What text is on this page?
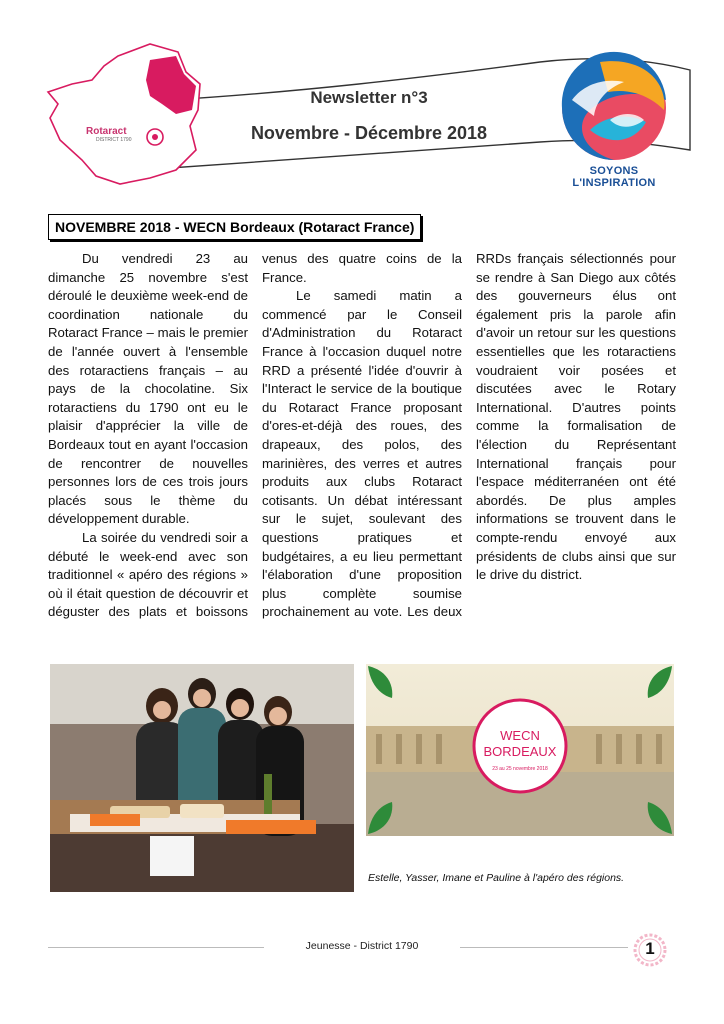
Rotaract
DISTRICT 1790
Newsletter n°3
Novembre - Décembre 2018
SOYONS L'INSPIRATION
NOVEMBRE 2018 - WECN Bordeaux (Rotaract France)

Du vendredi 23 au dimanche 25 novembre s'est déroulé le deuxième week-end de coordination nationale du Rotaract France – mais le premier de l'année ouvert à l'ensemble des rotaractiens français – au pays de la chocolatine. Six rotaractiens du 1790 ont eu le plaisir d'apprécier la ville de Bordeaux tout en ayant l'occasion de rencontrer de nouvelles personnes lors de ces trois jours placés sous le thème du développement durable.

La soirée du vendredi soir a débuté le week-end avec son traditionnel « apéro des régions » où il était question de découvrir et déguster des plats et boissons venus des quatre coins de la France.

Le samedi matin a commencé par le Conseil d'Administration du Rotaract France à l'occasion duquel notre RRD a présenté l'idée d'ouvrir à l'Interact le service de la boutique du Rotaract France proposant d'ores-et-déjà des roues, des drapeaux, des polos, des marinières, des verres et autres produits aux clubs Rotaract cotisants. Un débat intéressant sur le sujet, soulevant des questions pratiques et budgétaires, a eu lieu permettant l'élaboration d'une proposition plus complète soumise prochainement au vote. Les deux RRDs français sélectionnés pour se rendre à San Diego aux côtés des gouverneurs élus ont également pris la parole afin d'avoir un retour sur les questions essentielles que les rotaractiens voudraient voir posées et discutées avec le Rotary International. D'autres points comme la formalisation de l'élection du Représentant International français pour l'espace méditerranéen ont été abordés. De plus amples informations se trouvent dans le compte-rendu envoyé aux présidents de clubs ainsi que sur le drive du district.

WECN
BORDEAUX
23 au 25 novembre 2018
Estelle, Yasser, Imane et Pauline à l'apéro des régions.
Jeunesse - District 1790	1
